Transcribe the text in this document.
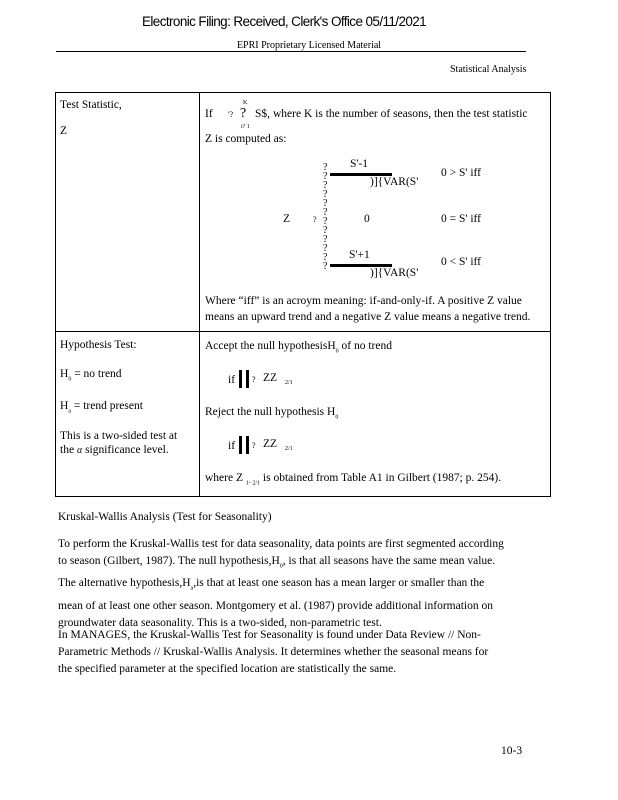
Electronic Filing: Received, Clerk's Office 05/11/2021
EPRI Proprietary Licensed Material
Statistical Analysis
Test Statistic,
Z
If '?
K
?
i? 1
S$, where K is the number of seasons, then the test statistic
Z is computed as:
Z	?
?
?
?
?
?
?
?
?
?
?
?
?
S'-1
)]{VAR(S'
0 > S' iff
0	0 = S' iff
S'+1
)]{VAR(S'
0 < S' iff
Where “iff” is an acroym meaning: if-and-only-if. A positive Z value
means an upward trend and a negative Z value means a negative trend.
Hypothesis Test:
$H_0$ = no trend
$H_a$ = trend present
This is a two-sided test at
the α significance level.
Accept the null hypothesisH$_0$ of no trend
if ? ZZ 2/1
Reject the null hypothesis $H_0$
if ? ZZ 2/1
where Z $_{1- 2/1}$ is obtained from Table A1 in Gilbert (1987; p. 254).
Kruskal-Wallis Analysis (Test for Seasonality)
To perform the Kruskal-Wallis test for data seasonality, data points are first segmented according
to season (Gilbert, 1987). The null $hypothesis,H_0$, is that all seasons have the same mean value.
The alternative $hypothesis,H_a,is$ that at least one season has a mean larger or smaller than the
mean of at least one other season. Montgomery et al. (1987) provide additional information on
groundwater data seasonality. This is a two-sided, non-parametric test.
In MANAGES, the Kruskal-Wallis Test for Seasonality is found under Data Review // Non-
Parametric Methods // Kruskal-Wallis Analysis. It determines whether the seasonal means for
the specified parameter at the specified location are statistically the same.
10-3
